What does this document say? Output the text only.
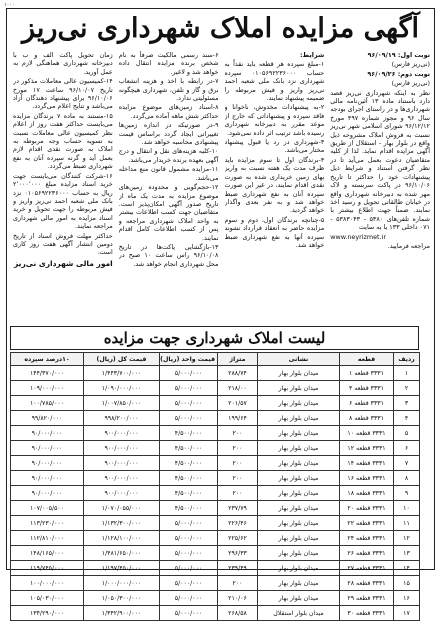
۱۰۰۰
آگهی مزایده املاک شهرداری نی‌ریز

نوبت اول: ۹۶/۰۹/۱۹

(نی‌ریز فارس)

نوبت دوم: ۹۶/۰۹/۲۶

(نی‌ریز فارس)

نظر به اینکه شهرداری نی‌ریز قصد دارد باستناد ماده ۱۳ آئین‌نامه مالی شهرداری‌ها و در راستای اجرای بودجه سال ۹۶ و مجوز شماره ۴۹۷ مورخ ۹۶/۱۲/۱۲ شورای اسلامی شهر نی‌ریز نسبت به فروش املاک مشروحه ذیل واقع در بلوار بهار - استقلال از طریق آگهی مزایده اقدام نماید. لذا از کلیه متقاضیان دعوت بعمل می‌آید تا در نظر گرفتن استناد و شرایط ذیل پیشنهادات خود را حداکثر تا تاریخ ۹۶/۱۰/۰۶ در پاکت سربسته و لاک مهر شده به دبیرخانه شهرداری واقع در خیابان طالقانی تحویل و رسید اخذ نمایند. ضمناً جهت اطلاع بیشتر با شماره تلفن‌های ۵۳۸۰ - ۵۳۸۳۰۴۳ - ۰۷۱ داخلی ۱۳۳ یا به سایت

www.neyrizmet.ir

مراجعه فرمایید.

شرایط:

۱-مبلغ سپرده هر قطعه باید نقداً به حساب ۰۱۰۵۶۹۲۲۳۶۰۰۰ سپرده شهرداری نزد بانک ملی شعبه احمد نی‌ریز واریز و فیش مربوطه را ضمیمه پیشنهاد نمایند.

۲-به پیشنهادات مخدوش، ناخوانا و فاقد سپرده و پیشنهاداتی که خارج از موعد مقرر به دبیرخانه شهرداری رسیده باشد ترتیب اثر داده نمی‌شود.

۳-شهرداری در رد یا قبول پیشنهاد مختار می‌باشد.

۴-برندگان اول تا سوم مزایده باید ظرف مدت یک هفته نسبت به واریز بهای زمین خریداری شده به صورت نقدی اقدام نمایند، در غیر این صورت سپرده آنان به نفع شهرداری ضبط خواهد شد و به نفر بعدی واگذار خواهد گردید.

۵-چنانچه برندگان اول، دوم و سوم مزایده حاضر به انعقاد قرارداد نشوند سپرده آنها به نفع شهرداری ضبط خواهد شد.

۶-سند رسمی مالکیت صرفاً به نام شخص برنده مزایده انتقال داده خواهد شد و لاغیر.

۷-در رابطه با اخذ و هزینه انشعاب برق و گاز و تلفن، شهرداری هیچگونه مسئولیتی ندارد.

۸-اسناد زمین‌های موضوع مزایده حداکثر شش ماهه آماده می‌گردد.

۹-در صورتیکه در اندازه زمین‌ها تغییراتی ایجاد گردد براساس قیمت پیشنهادی محاسبه خواهد شد.

۱۰-کلیه هزینه‌های نقل و انتقال و درج آگهی بعهده برنده خریدار می‌باشد.

۱۱-مزایده مشمول قانون منع مداخله می‌باشد.

۱۲-حجم‌گویی و محدوده زمین‌های موضوع مزایده به مدت یک ماه از تاریخ صدور آگهی امکان‌پذیر است. متقاضیان جهت کسب اطلاعات بیشتر به واحد املاک شهرداری مراجعه و پس از کسب اطلاعات کامل اقدام نمایند.

۱۳-بازگشایی پاکت‌ها در تاریخ ۹۶/۱۰/۰۸ راس ساعت ۱۰ صبح در محل شهرداری انجام خواهد شد.

زمان تحویل پاکت الف و ب با دبیرخانه شهرداری هماهنگی لازم به عمل آورید.

۱۴-کمیسیون عالی معاملات مذکور در تاریخ ۹۶/۱۰/۰۷ ساعت ۱۷ مورخ ۹۶/۱۰/۰۶ برای پیشنهاد دهندگان آزاد می‌باشد و نتایج اعلام می‌گردد.

۱۵-مستند به ماده ۷ برندگان مزایده می‌بایست حداکثر هفت روز از اعلام نظر کمیسیون عالی معاملات نسبت به تسویه حساب وجه مربوطه به املاک به صورت نقدی اقدام لازم بعمل آید و گرنه سپرده آنان به نفع شهرداری ضبط می‌گردد.

۱۶-شرکت کنندگان می‌بایست جهت خرید اسناد مزایده مبلغ ۲٬۰۰۰٬۰۰۰ ریال به حساب ۰۱۰۵۶۹۲۲۳۶۰۰۰ نزد بانک ملی شعبه احمد نی‌ریز واریز و فیش مربوطه را جهت تحویل و خرید اسناد مزایده به امور مالی شهرداری مراجعه نمایند.

حداکثر مهلت فروش اسناد از تاریخ دومین انتشار آگهی هفت روز کاری است.

امور مالی شهرداری نی‌ریز

لیست املاک شهرداری جهت مزایده
ردیف	قطعه	نشانی	متراژ	قیمت واحد (ریال)	قیمت کل (ریال)	۱۰درصد سپرده
۱	۳۳۳۱ قطعه ۱	میدان بلوار بهار	۲۸۸/۷۴	۵/۰۰۰/۰۰۰	۱/۴۴۳/۷۰۰/۰۰۰	۱۴۴/۳۷۰/۰۰۰
۲	۳۳۳۱ قطعه ۴	میدان بلوار بهار	۲۱۸/۰۰	۵/۰۰۰/۰۰۰	۱/۰۹۰/۰۰۰/۰۰۰	۱۰۹/۰۰۰/۰۰۰
۳	۳۳۳۱ قطعه ۶	میدان بلوار بهار	۲۰۱/۵۷	۵/۰۰۰/۰۰۰	۱/۰۰۷/۸۵۰/۰۰۰	۱۰۰/۷۸۵/۰۰۰
۴	۳۳۳۱ قطعه ۸	میدان بلوار بهار	۱۹۹/۶۴	۵/۰۰۰/۰۰۰	۹۹۸/۲۰۰/۰۰۰	۹۹/۸۲۰/۰۰۰
۵	۳۳۳۱ قطعه ۱۰	میدان بلوار بهار	۲۰۰	۴/۵۰۰/۰۰۰	۹۰۰/۰۰۰/۰۰۰	۹۰/۰۰۰/۰۰۰
۶	۳۳۳۱ قطعه ۱۲	میدان بلوار بهار	۲۰۰	۴/۵۰۰/۰۰۰	۹۰۰/۰۰۰/۰۰۰	۹۰/۰۰۰/۰۰۰
۷	۳۳۳۱ قطعه ۱۴	میدان بلوار بهار	۲۰۰	۴/۵۰۰/۰۰۰	۹۰۰/۰۰۰/۰۰۰	۹۰/۰۰۰/۰۰۰
۸	۳۳۳۱ قطعه ۱۶	میدان بلوار بهار	۲۰۰	۴/۵۰۰/۰۰۰	۹۰۰/۰۰۰/۰۰۰	۹۰/۰۰۰/۰۰۰
۹	۳۳۳۱ قطعه ۱۸	میدان بلوار بهار	۲۰۰	۴/۵۰۰/۰۰۰	۹۰۰/۰۰۰/۰۰۰	۹۰/۰۰۰/۰۰۰
۱۰	۳۳۳۱ قطعه ۲۰	میدان بلوار بهار	۲۳۷/۷۹	۴/۵۰۰/۰۰۰	۱/۰۷۰/۰۵۵/۰۰۰	۱۰۷/۰۰۵/۵۰۰
۱۱	۳۳۳۱ قطعه ۲۲	میدان بلوار بهار	۲۲۶/۴۶	۵/۰۰۰/۰۰۰	۱/۱۳۲/۳۰۰/۰۰۰	۱۱۳/۲۳۰/۰۰۰
۱۲	۳۳۳۱ قطعه ۲۴	میدان بلوار بهار	۲۲۵/۶۲	۵/۰۰۰/۰۰۰	۱/۱۲۸/۱۰۰/۰۰۰	۱۱۲/۸۱۰/۰۰۰
۱۳	۳۳۳۱ قطعه ۲۶	میدان بلوار بهار	۲۹۶/۳۳	۵/۰۰۰/۰۰۰	۱/۴۸۱/۶۵۰/۰۰۰	۱۴۸/۱۶۵/۰۰۰
۱۴	۳۳۳۱ قطعه ۲۷	میدان بلوار بهار	۲۳۹/۴۹	۵/۰۰۰/۰۰۰	۱/۱۹۷/۴۵۰/۰۰۰	۱۱۹/۷۴۵/۰۰۰
۱۵	۳۳۳۱ قطعه ۲۸	میدان بلوار بهار	۲۰۰	۵/۰۰۰/۰۰۰	۱/۰۰۰/۰۰۰/۰۰۰	۱۰۰/۰۰۰/۰۰۰
۱۶	۳۳۳۱ قطعه ۲۹	میدان بلوار بهار	۲۱۰/۰۶	۵/۰۰۰/۰۰۰	۱/۰۵۰/۳۰۰/۰۰۰	۱۰۵/۰۳۰/۰۰۰
۱۷	۳۳۳۱ قطعه ۳۰	میدان بلوار استقلال	۲۶۸/۵۸	۵/۰۰۰/۰۰۰	۱/۳۴۲/۹۰۰/۰۰۰	۱۳۴/۲۹۰/۰۰۰
